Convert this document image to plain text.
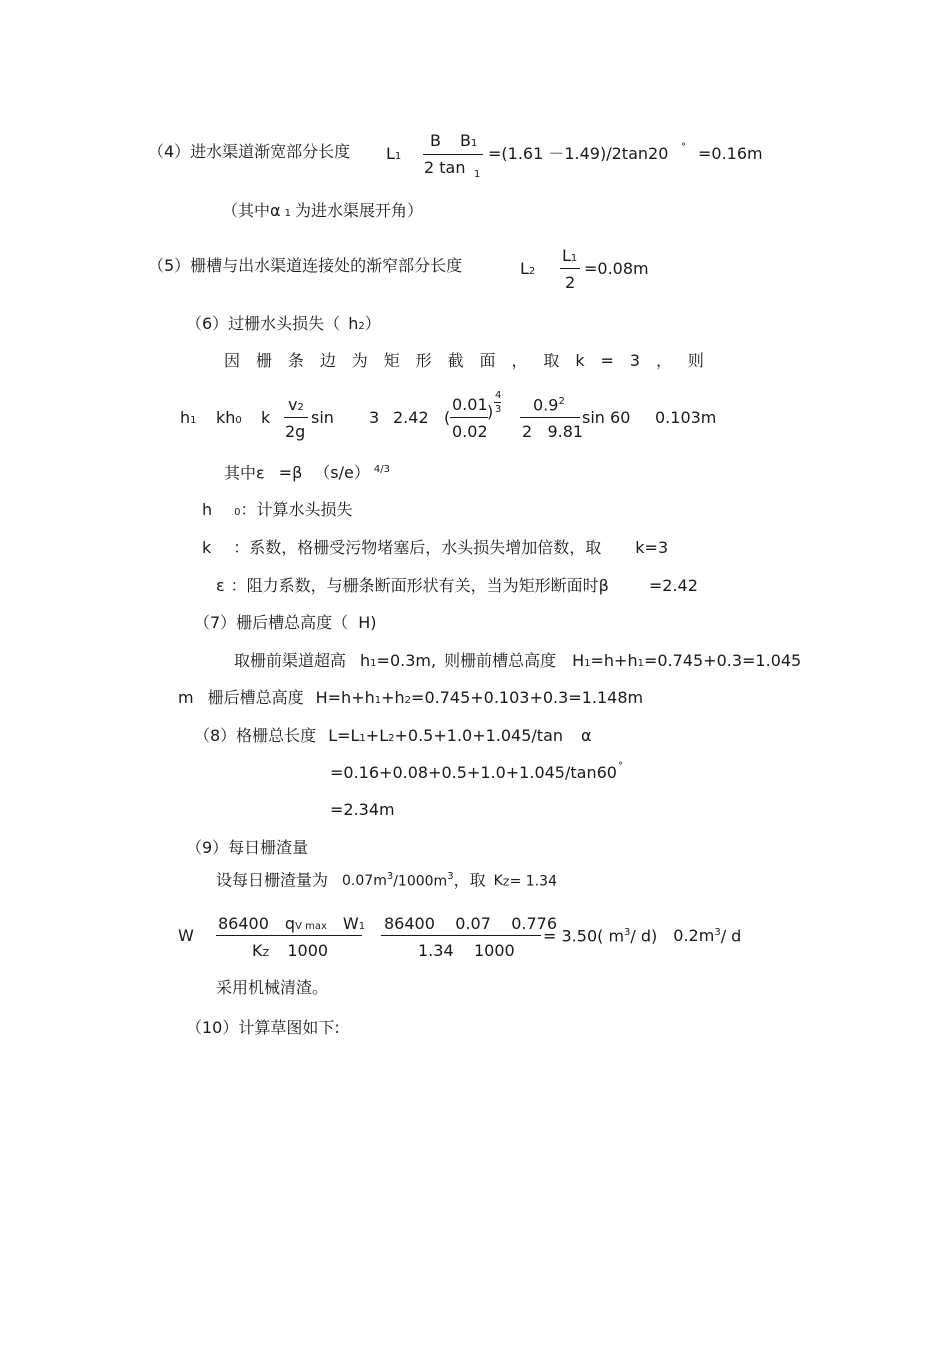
（4）进水渠道渐宽部分长度 L1
B B1
2 tan 1
=(1.61 －1.49)/2tan20 ° =0.16m
（其中α 1 为进水渠展开角）
（5）栅槽与出水渠道连接处的渐窄部分长度	L2
L1
2
=0.08m
（6）过栅水头损失（ h2）
因 栅 条 边 为 矩 形 截 面 ， 取 k = 3 ， 则
h1 kh0 k
v2
2g
sin 3 2.42 (
0.01
0.02
)
4
3 $0.9^2$
2   9.81
sin 60 0.103m
其中ε =β （s/e） $^{4/3}$
h 0：计算水头损失
k ：系数，格栅受污物堵塞后，水头损失增加倍数，取 k=3
ε ：阻力系数，与栅条断面形状有关，当为矩形断面时β	=2.42
（7）栅后槽总高度（ H)
取栅前渠道超高 h1=0.3m, 则栅前槽总高度 H1=h+h1=0.745+0.3=1.045
m 栅后槽总高度 H=h+h1+h2=0.745+0.103+0.3=1.148m
（8）格栅总长度 L=L1+L2+0.5+1.0+1.045/tan α
=0.16+0.08+0.5+1.0+1.045/tan60 °
=2.34m
（9）每日栅渣量
设每日栅渣量为 $0.07m^3/1000m^3$，取 KZ= 1.34
W
86400 qV max W1
KZ 1000
86400    0.07    0.776
1.34    1000
= 3.50( $m^3/$ d) $0.2m^3/$ d
采用机械清渣。
（10）计算草图如下:
